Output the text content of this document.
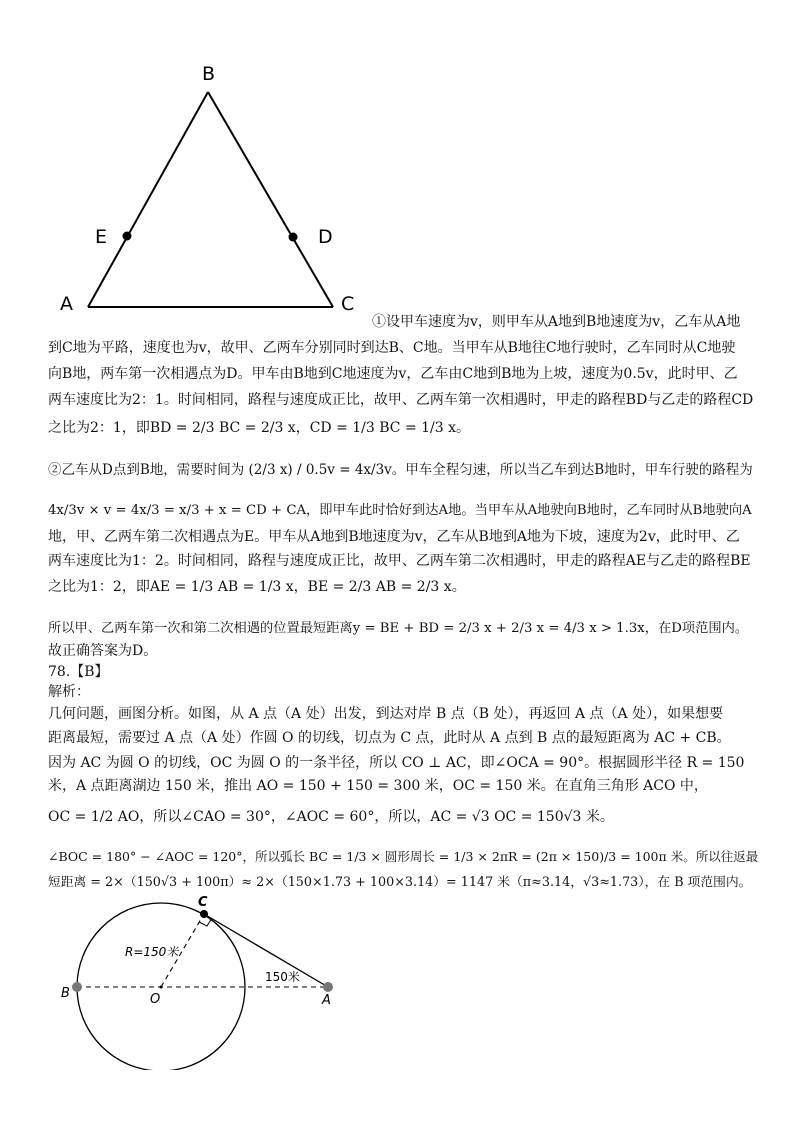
B
E	D
A	C
①设甲车速度为v，则甲车从A地到B地速度为v，乙车从A地
到C地为平路，速度也为v，故甲、乙两车分别同时到达B、C地。当甲车从B地往C地行驶时，乙车同时从C地驶
向B地，两车第一次相遇点为D。甲车由B地到C地速度为v，乙车由C地到B地为上坡，速度为0.5v，此时甲、乙
两车速度比为2：1。时间相同，路程与速度成正比，故甲、乙两车第一次相遇时，甲走的路程BD与乙走的路程CD
之比为2：1，即BD = 2/3 BC = 2/3 x，CD = 1/3 BC = 1/3 x。
②乙车从D点到B地，需要时间为 (2/3 x) / 0.5v = 4x/3v。甲车全程匀速，所以当乙车到达B地时，甲车行驶的路程为
4x/3v × v = 4x/3 = x/3 + x = CD + CA，即甲车此时恰好到达A地。当甲车从A地驶向B地时，乙车同时从B地驶向A
地，甲、乙两车第二次相遇点为E。甲车从A地到B地速度为v，乙车从B地到A地为下坡，速度为2v，此时甲、乙
两车速度比为1：2。时间相同，路程与速度成正比，故甲、乙两车第二次相遇时，甲走的路程AE与乙走的路程BE
之比为1：2，即AE = 1/3 AB = 1/3 x，BE = 2/3 AB = 2/3 x。
所以甲、乙两车第一次和第二次相遇的位置最短距离y = BE + BD = 2/3 x + 2/3 x = 4/3 x > 1.3x，在D项范围内。
故正确答案为D。
78.【B】
解析：
几何问题，画图分析。如图，从 A 点（A 处）出发，到达对岸 B 点（B 处），再返回 A 点（A 处），如果想要
距离最短，需要过 A 点（A 处）作圆 O 的切线，切点为 C 点，此时从 A 点到 B 点的最短距离为 AC + CB。
因为 AC 为圆 O 的切线，OC 为圆 O 的一条半径，所以 CO ⊥ AC，即∠OCA = 90°。根据圆形半径 R = 150
米，A 点距离湖边 150 米，推出 AO = 150 + 150 = 300 米，OC = 150 米。在直角三角形 ACO 中，
OC = 1/2 AO，所以∠CAO = 30°，∠AOC = 60°，所以，AC = √3 OC = 150√3 米。
∠BOC = 180° − ∠AOC = 120°，所以弧长 BC = 1/3 × 圆形周长 = 1/3 × 2πR = (2π × 150)/3 = 100π 米。所以往返最
短距离 = 2×（150√3 + 100π）≈ 2×（150×1.73 + 100×3.14）= 1147 米（π≈3.14，√3≈1.73），在 B 项范围内。
C
B	O	A
R=150米
150米
